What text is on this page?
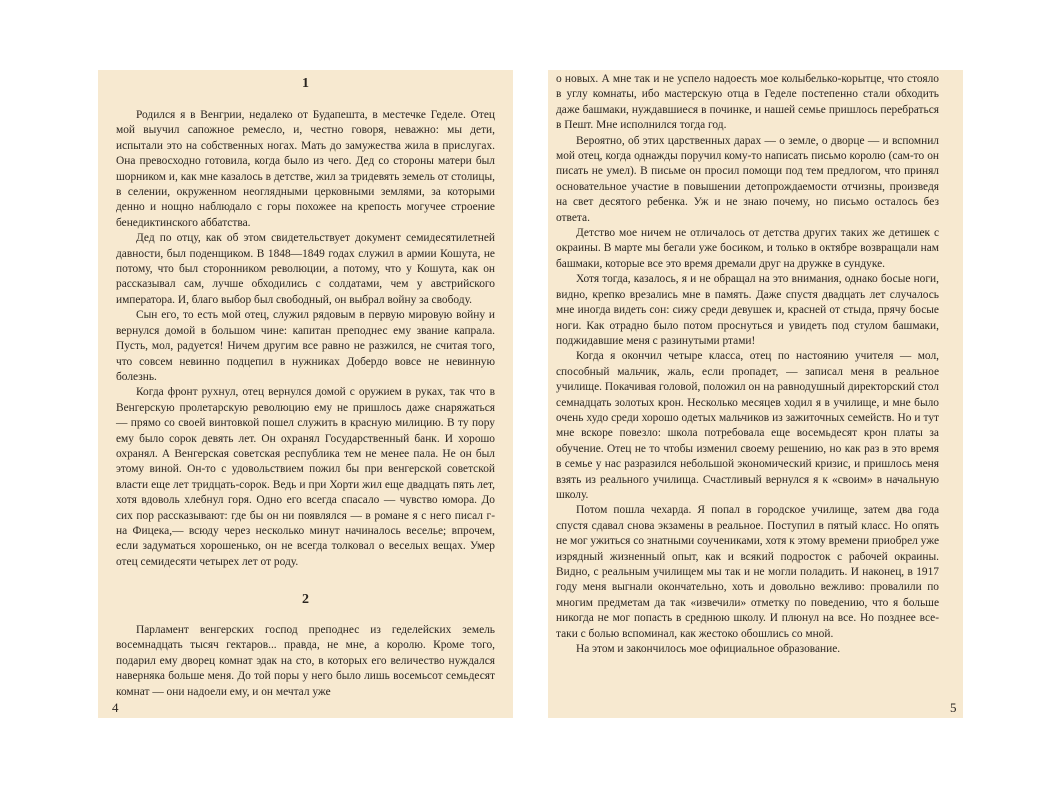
1

Родился я в Венгрии, недалеко от Будапешта, в местечке Геделе. Отец мой выучил сапожное ремесло, и, честно говоря, неважно: мы дети, испытали это на собственных ногах. Мать до замужества жила в прислугах. Она превосходно готовила, когда было из чего. Дед со стороны матери был шорником и, как мне казалось в детстве, жил за тридевять земель от столицы, в селении, окруженном неоглядными церковными землями, за которыми денно и нощно наблюдало с горы похожее на крепость могучее строение бенедиктинского аббатства.

Дед по отцу, как об этом свидетельствует документ семидесятилетней давности, был поденщиком. В 1848—1849 годах служил в армии Кошута, не потому, что был сторонником революции, а потому, что у Кошута, как он рассказывал сам, лучше обходились с солдатами, чем у австрийского императора. И, благо выбор был свободный, он выбрал войну за свободу.

Сын его, то есть мой отец, служил рядовым в первую мировую войну и вернулся домой в большом чине: капитан преподнес ему звание капрала. Пусть, мол, радуется! Ничем другим все равно не разжился, не считая того, что совсем невинно подцепил в нужниках Добердо вовсе не невинную болезнь.

Когда фронт рухнул, отец вернулся домой с оружием в руках, так что в Венгерскую пролетарскую революцию ему не пришлось даже снаряжаться — прямо со своей винтовкой пошел служить в красную милицию. В ту пору ему было сорок девять лет. Он охранял Государственный банк. И хорошо охранял. А Венгерская советская республика тем не менее пала. Не он был этому виной. Он-то с удовольствием пожил бы при венгерской советской власти еще лет тридцать-сорок. Ведь и при Хорти жил еще двадцать пять лет, хотя вдоволь хлебнул горя. Одно его всегда спасало — чувство юмора. До сих пор рассказывают: где бы он ни появлялся — в романе я с него писал г-на Фицека,— всюду через несколько минут начиналось веселье; впрочем, если задуматься хорошенько, он не всегда толковал о веселых вещах. Умер отец семидесяти четырех лет от роду.

2

Парламент венгерских господ преподнес из геделейских земель восемнадцать тысяч гектаров... правда, не мне, а королю. Кроме того, подарил ему дворец комнат эдак на сто, в которых его величество нуждался наверняка больше меня. До той поры у него было лишь восемьсот семьдесят комнат — они надоели ему, и он мечтал уже

о новых. А мне так и не успело надоесть мое колыбелько-корытце, что стояло в углу комнаты, ибо мастерскую отца в Геделе постепенно стали обходить даже башмаки, нуждавшиеся в починке, и нашей семье пришлось перебраться в Пешт. Мне исполнился тогда год.

Вероятно, об этих царственных дарах — о земле, о дворце — и вспомнил мой отец, когда однажды поручил кому-то написать письмо королю (сам-то он писать не умел). В письме он просил помощи под тем предлогом, что принял основательное участие в повышении детопрождаемости отчизны, произведя на свет десятого ребенка. Уж и не знаю почему, но письмо осталось без ответа.

Детство мое ничем не отличалось от детства других таких же детишек с окраины. В марте мы бегали уже босиком, и только в октябре возвращали нам башмаки, которые все это время дремали друг на дружке в сундуке.

Хотя тогда, казалось, я и не обращал на это внимания, однако босые ноги, видно, крепко врезались мне в память. Даже спустя двадцать лет случалось мне иногда видеть сон: сижу среди девушек и, красней от стыда, прячу босые ноги. Как отрадно было потом проснуться и увидеть под стулом башмаки, поджидавшие меня с разинутыми ртами!

Когда я окончил четыре класса, отец по настоянию учителя — мол, способный мальчик, жаль, если пропадет, — записал меня в реальное училище. Покачивая головой, положил он на равнодушный директорский стол семнадцать золотых крон. Несколько месяцев ходил я в училище, и мне было очень худо среди хорошо одетых мальчиков из зажиточных семейств. Но и тут мне вскоре повезло: школа потребовала еще восемьдесят крон платы за обучение. Отец не то чтобы изменил своему решению, но как раз в это время в семье у нас разразился небольшой экономический кризис, и пришлось меня взять из реального училища. Счастливый вернулся я к «своим» в начальную школу.

Потом пошла чехарда. Я попал в городское училище, затем два года спустя сдавал снова экзамены в реальное. Поступил в пятый класс. Но опять не мог ужиться со знатными соучениками, хотя к этому времени приобрел уже изрядный жизненный опыт, как и всякий подросток с рабочей окраины. Видно, с реальным училищем мы так и не могли поладить. И наконец, в 1917 году меня выгнали окончательно, хоть и довольно вежливо: провалили по многим предметам да так «извечили» отметку по поведению, что я больше никогда не мог попасть в среднюю школу. И плюнул на все. Но позднее все-таки с болью вспоминал, как жестоко обошлись со мной.

На этом и закончилось мое официальное образование.

4	5
